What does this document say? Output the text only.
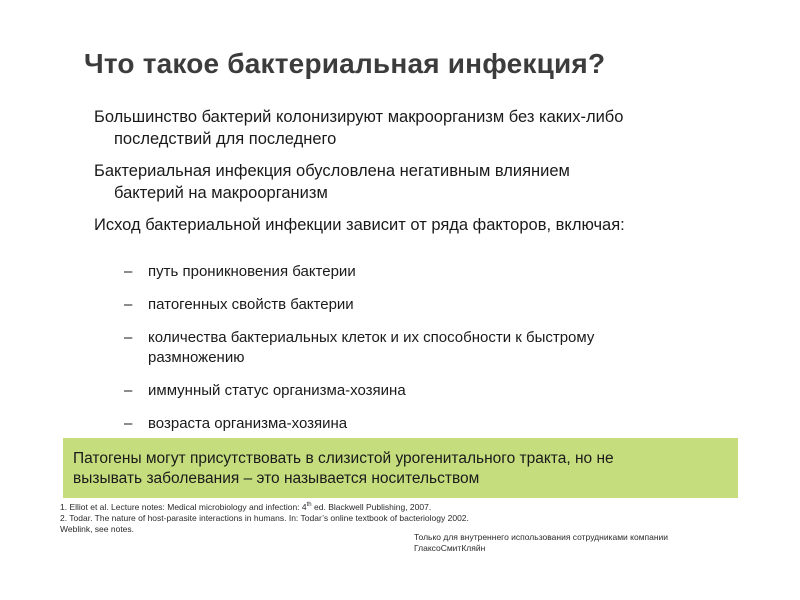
Что такое бактериальная инфекция?
Большинство бактерий колонизируют макроорганизм без каких-либо
последствий для последнего
Бактериальная инфекция обусловлена негативным влиянием
бактерий на макроорганизм
Исход бактериальной инфекции зависит от ряда факторов, включая:
– путь проникновения бактерии
– патогенных свойств бактерии
– количества бактериальных клеток и их способности к быстрому
размножению
– иммунный статус организма-хозяина
– возраста организма-хозяина
Патогены могут присутствовать в слизистой урогенитального тракта, но не
вызывать заболевания – это называется носительством
1. Elliot et al. Lecture notes: Medical microbiology and infection: 4th ed. Blackwell Publishing, 2007.
2. Todar. The nature of host-parasite interactions in humans. In: Todar’s online textbook of bacteriology 2002.
Weblink, see notes.
Только для внутреннего использования сотрудниками компании
ГлаксоСмитКляйн
